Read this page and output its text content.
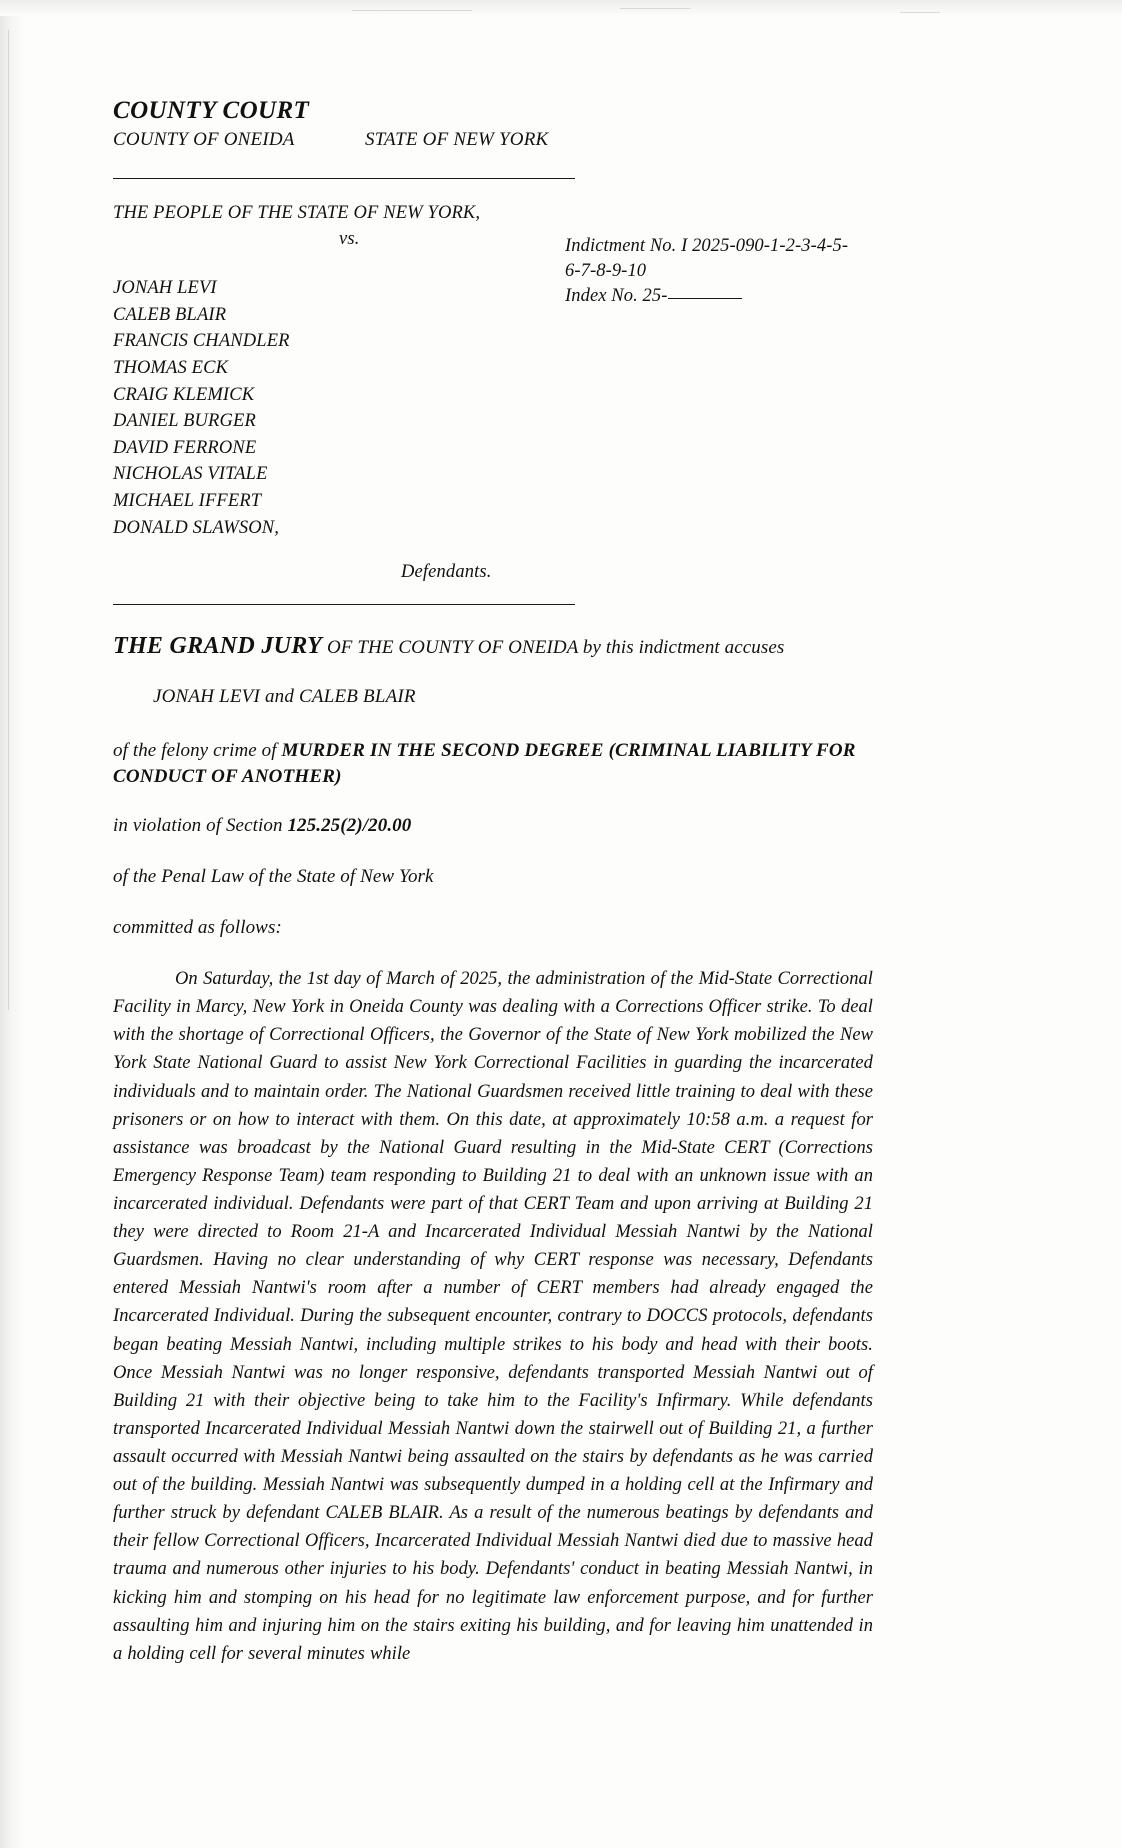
COUNTY COURT
COUNTY OF ONEIDA	STATE OF NEW YORK

THE PEOPLE OF THE STATE OF NEW YORK,

vs.

JONAH LEVI
CALEB BLAIR
FRANCIS CHANDLER
THOMAS ECK
CRAIG KLEMICK
DANIEL BURGER
DAVID FERRONE
NICHOLAS VITALE
MICHAEL IFFERT
DONALD SLAWSON,

Defendants.

Indictment No. I 2025-090-1-2-3-4-5-

6-7-8-9-10

Index No. 25-

THE GRAND JURY OF THE COUNTY OF ONEIDA by this indictment accuses

JONAH LEVI and CALEB BLAIR

of the felony crime of MURDER IN THE SECOND DEGREE (CRIMINAL LIABILITY FOR CONDUCT OF ANOTHER)

in violation of Section 125.25(2)/20.00

of the Penal Law of the State of New York

committed as follows:

On Saturday, the 1st day of March of 2025, the administration of the Mid-State Correctional Facility in Marcy, New York in Oneida County was dealing with a Corrections Officer strike. To deal with the shortage of Correctional Officers, the Governor of the State of New York mobilized the New York State National Guard to assist New York Correctional Facilities in guarding the incarcerated individuals and to maintain order. The National Guardsmen received little training to deal with these prisoners or on how to interact with them. On this date, at approximately 10:58 a.m. a request for assistance was broadcast by the National Guard resulting in the Mid-State CERT (Corrections Emergency Response Team) team responding to Building 21 to deal with an unknown issue with an incarcerated individual. Defendants were part of that CERT Team and upon arriving at Building 21 they were directed to Room 21-A and Incarcerated Individual Messiah Nantwi by the National Guardsmen. Having no clear understanding of why CERT response was necessary, Defendants entered Messiah Nantwi's room after a number of CERT members had already engaged the Incarcerated Individual. During the subsequent encounter, contrary to DOCCS protocols, defendants began beating Messiah Nantwi, including multiple strikes to his body and head with their boots. Once Messiah Nantwi was no longer responsive, defendants transported Messiah Nantwi out of Building 21 with their objective being to take him to the Facility's Infirmary. While defendants transported Incarcerated Individual Messiah Nantwi down the stairwell out of Building 21, a further assault occurred with Messiah Nantwi being assaulted on the stairs by defendants as he was carried out of the building. Messiah Nantwi was subsequently dumped in a holding cell at the Infirmary and further struck by defendant CALEB BLAIR. As a result of the numerous beatings by defendants and their fellow Correctional Officers, Incarcerated Individual Messiah Nantwi died due to massive head trauma and numerous other injuries to his body. Defendants' conduct in beating Messiah Nantwi, in kicking him and stomping on his head for no legitimate law enforcement purpose, and for further assaulting him and injuring him on the stairs exiting his building, and for leaving him unattended in a holding cell for several minutes while
